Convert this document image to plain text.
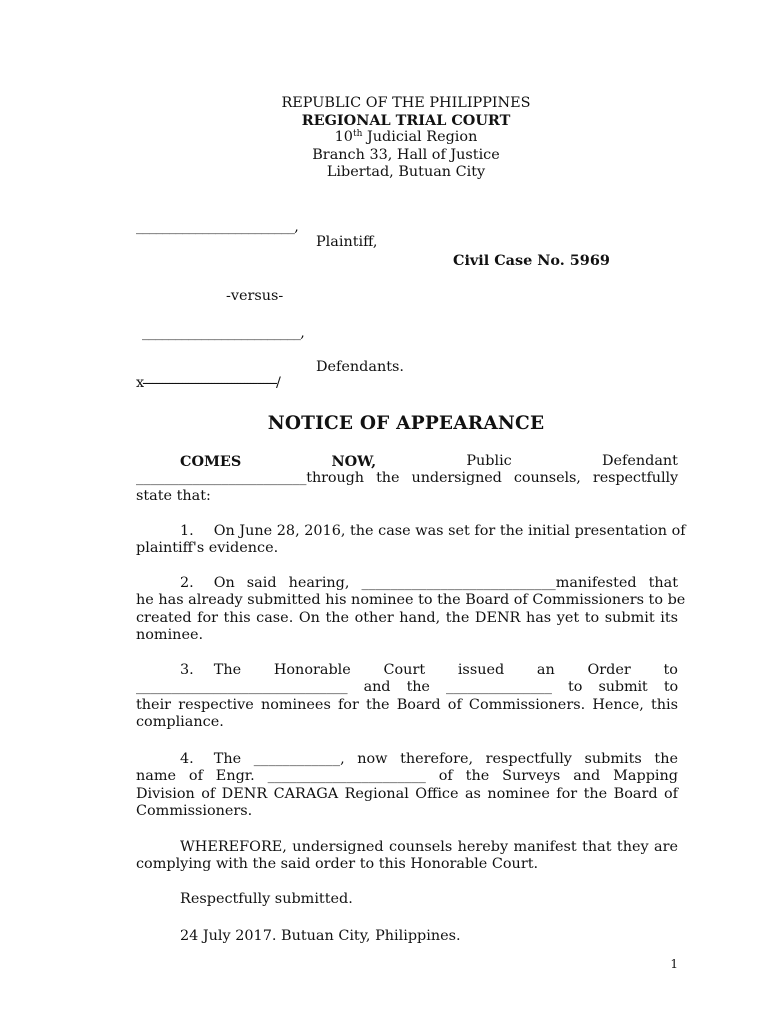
REPUBLIC OF THE PHILIPPINES
REGIONAL TRIAL COURT
10th Judicial Region
Branch 33, Hall of Justice
Libertad, Butuan City
________________________,
Plaintiff,
Civil Case No. 5969
-versus-
________________________,
Defendants.
x-----------------------------------------/
NOTICE OF APPEARANCE
COMES	NOW,	Public	Defendant
________________________through the undersigned counsels, respectfully
state that:
1. On June 28, 2016, the case was set for the initial presentation of
plaintiff's evidence.
2. On said hearing, ___________________________manifested that
he has already submitted his nominee to the Board of Commissioners to be
created for this case. On the other hand, the DENR has yet to submit its
nominee.
3. The Honorable Court issued an Order to
______________________________ and the _______________ to submit to
their respective nominees for the Board of Commissioners. Hence, this
compliance.
4. The ____________, now therefore, respectfully submits the
name of Engr. ______________________ of the Surveys and Mapping
Division of DENR CARAGA Regional Office as nominee for the Board of
Commissioners.
WHEREFORE, undersigned counsels hereby manifest that they are
complying with the said order to this Honorable Court.
Respectfully submitted.
24 July 2017. Butuan City, Philippines.
1
